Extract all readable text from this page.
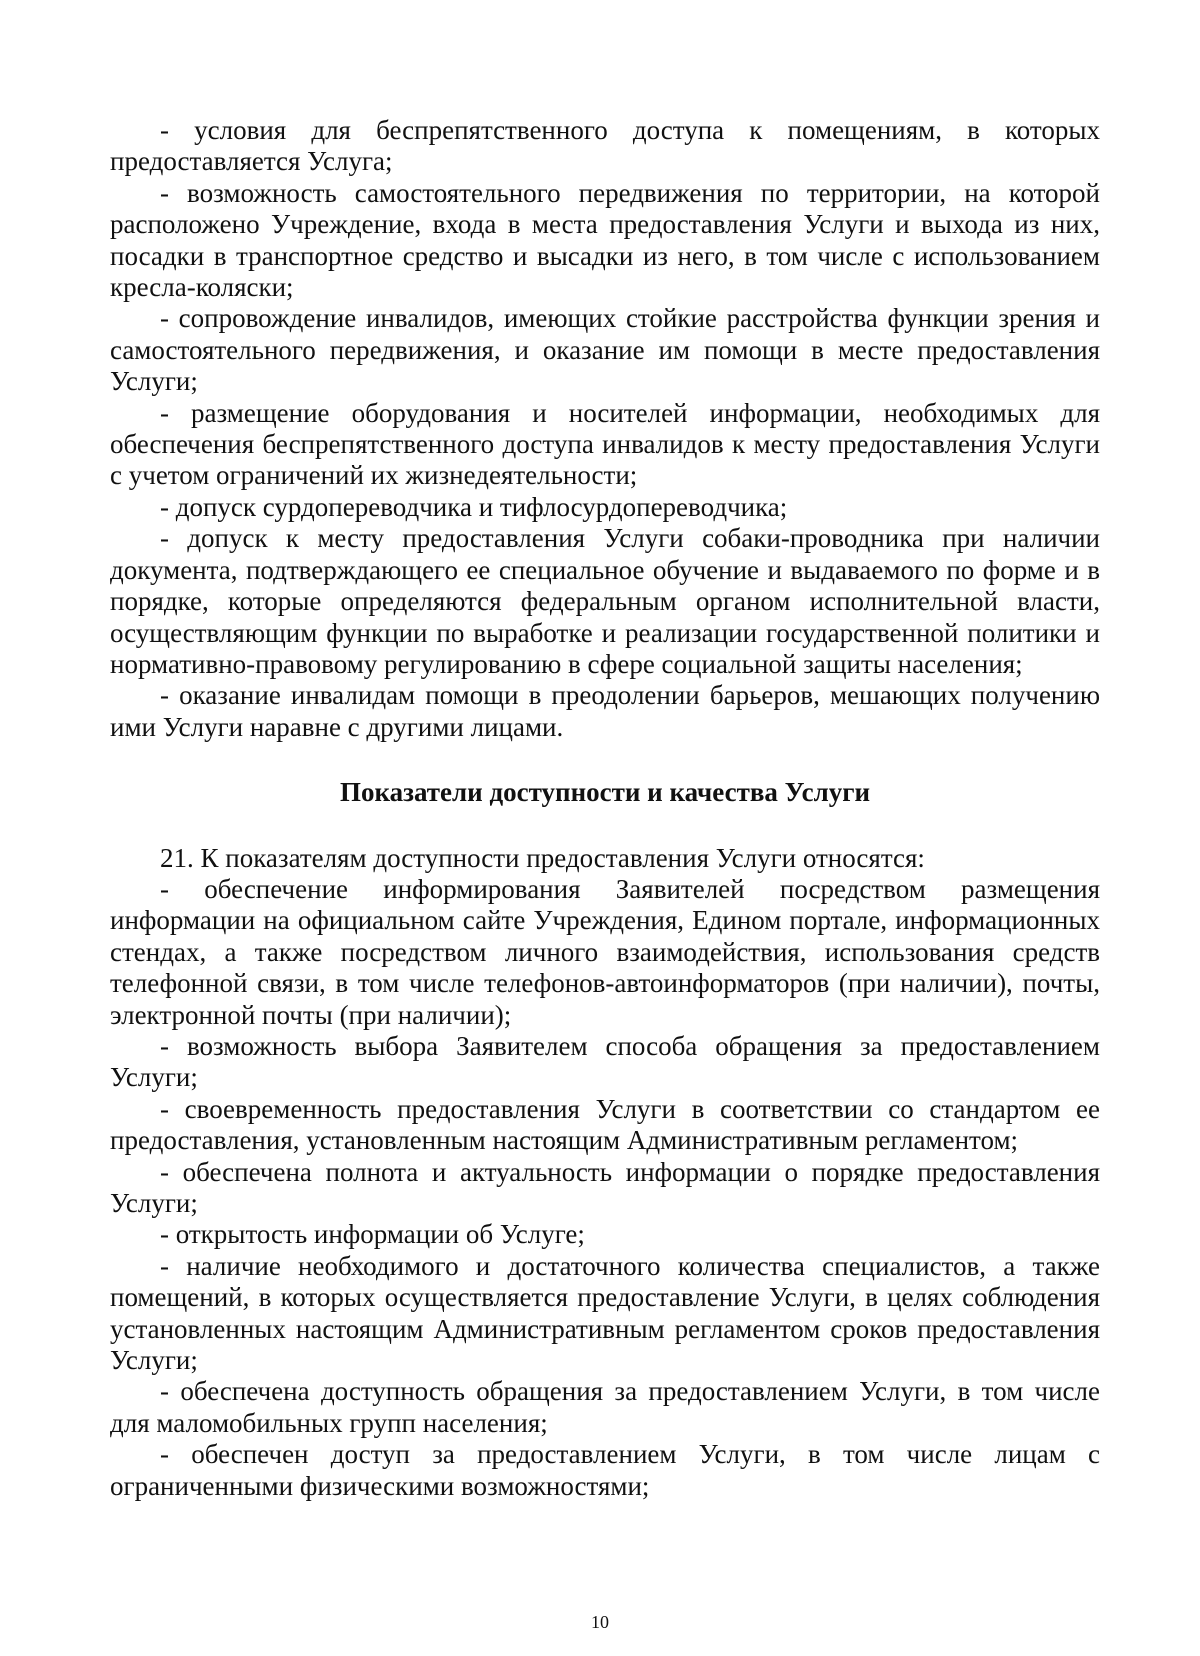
- условия для беспрепятственного доступа к помещениям, в которых предоставляется Услуга;

- возможность самостоятельного передвижения по территории, на которой расположено Учреждение, входа в места предоставления Услуги и выхода из них, посадки в транспортное средство и высадки из него, в том числе с использованием кресла-коляски;

- сопровождение инвалидов, имеющих стойкие расстройства функции зрения и самостоятельного передвижения, и оказание им помощи в месте предоставления Услуги;

- размещение оборудования и носителей информации, необходимых для обеспечения беспрепятственного доступа инвалидов к месту предоставления Услуги с учетом ограничений их жизнедеятельности;

- допуск сурдопереводчика и тифлосурдопереводчика;

- допуск к месту предоставления Услуги собаки-проводника при наличии документа, подтверждающего ее специальное обучение и выдаваемого по форме и в порядке, которые определяются федеральным органом исполнительной власти, осуществляющим функции по выработке и реализации государственной политики и нормативно-правовому регулированию в сфере социальной защиты населения;

- оказание инвалидам помощи в преодолении барьеров, мешающих получению ими Услуги наравне с другими лицами.

Показатели доступности и качества Услуги

21. К показателям доступности предоставления Услуги относятся:

- обеспечение информирования Заявителей посредством размещения информации на официальном сайте Учреждения, Едином портале, информационных стендах, а также посредством личного взаимодействия, использования средств телефонной связи, в том числе телефонов-автоинформаторов (при наличии), почты, электронной почты (при наличии);

- возможность выбора Заявителем способа обращения за предоставлением Услуги;

- своевременность предоставления Услуги в соответствии со стандартом ее предоставления, установленным настоящим Административным регламентом;

- обеспечена полнота и актуальность информации о порядке предоставления Услуги;

- открытость информации об Услуге;

- наличие необходимого и достаточного количества специалистов, а также помещений, в которых осуществляется предоставление Услуги, в целях соблюдения установленных настоящим Административным регламентом сроков предоставления Услуги;

- обеспечена доступность обращения за предоставлением Услуги, в том числе для маломобильных групп населения;

- обеспечен доступ за предоставлением Услуги, в том числе лицам с ограниченными физическими возможностями;

10
